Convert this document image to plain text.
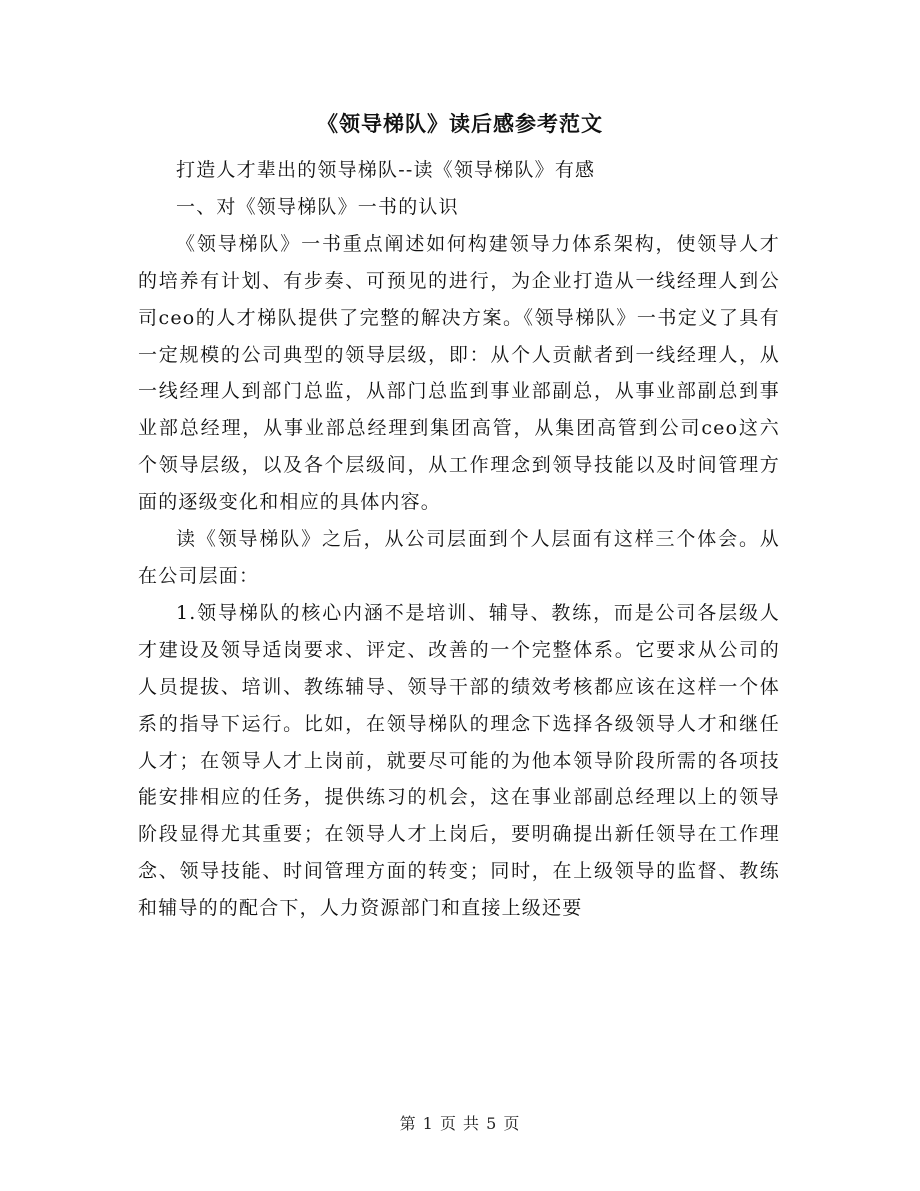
《领导梯队》读后感参考范文

打造人才辈出的领导梯队--读《领导梯队》有感

一、对《领导梯队》一书的认识

《领导梯队》一书重点阐述如何构建领导力体系架构，使领导人才的培养有计划、有步奏、可预见的进行，为企业打造从一线经理人到公司ceo的人才梯队提供了完整的解决方案。《领导梯队》一书定义了具有一定规模的公司典型的领导层级，即：从个人贡献者到一线经理人，从一线经理人到部门总监，从部门总监到事业部副总，从事业部副总到事业部总经理，从事业部总经理到集团高管，从集团高管到公司ceo这六个领导层级，以及各个层级间，从工作理念到领导技能以及时间管理方面的逐级变化和相应的具体内容。

读《领导梯队》之后，从公司层面到个人层面有这样三个体会。从在公司层面：

1.领导梯队的核心内涵不是培训、辅导、教练，而是公司各层级人才建设及领导适岗要求、评定、改善的一个完整体系。它要求从公司的人员提拔、培训、教练辅导、领导干部的绩效考核都应该在这样一个体系的指导下运行。比如，在领导梯队的理念下选择各级领导人才和继任人才；在领导人才上岗前，就要尽可能的为他本领导阶段所需的各项技能安排相应的任务，提供练习的机会，这在事业部副总经理以上的领导阶段显得尤其重要；在领导人才上岗后，要明确提出新任领导在工作理念、领导技能、时间管理方面的转变；同时，在上级领导的监督、教练和辅导的的配合下，人力资源部门和直接上级还要

第 1 页 共 5 页
